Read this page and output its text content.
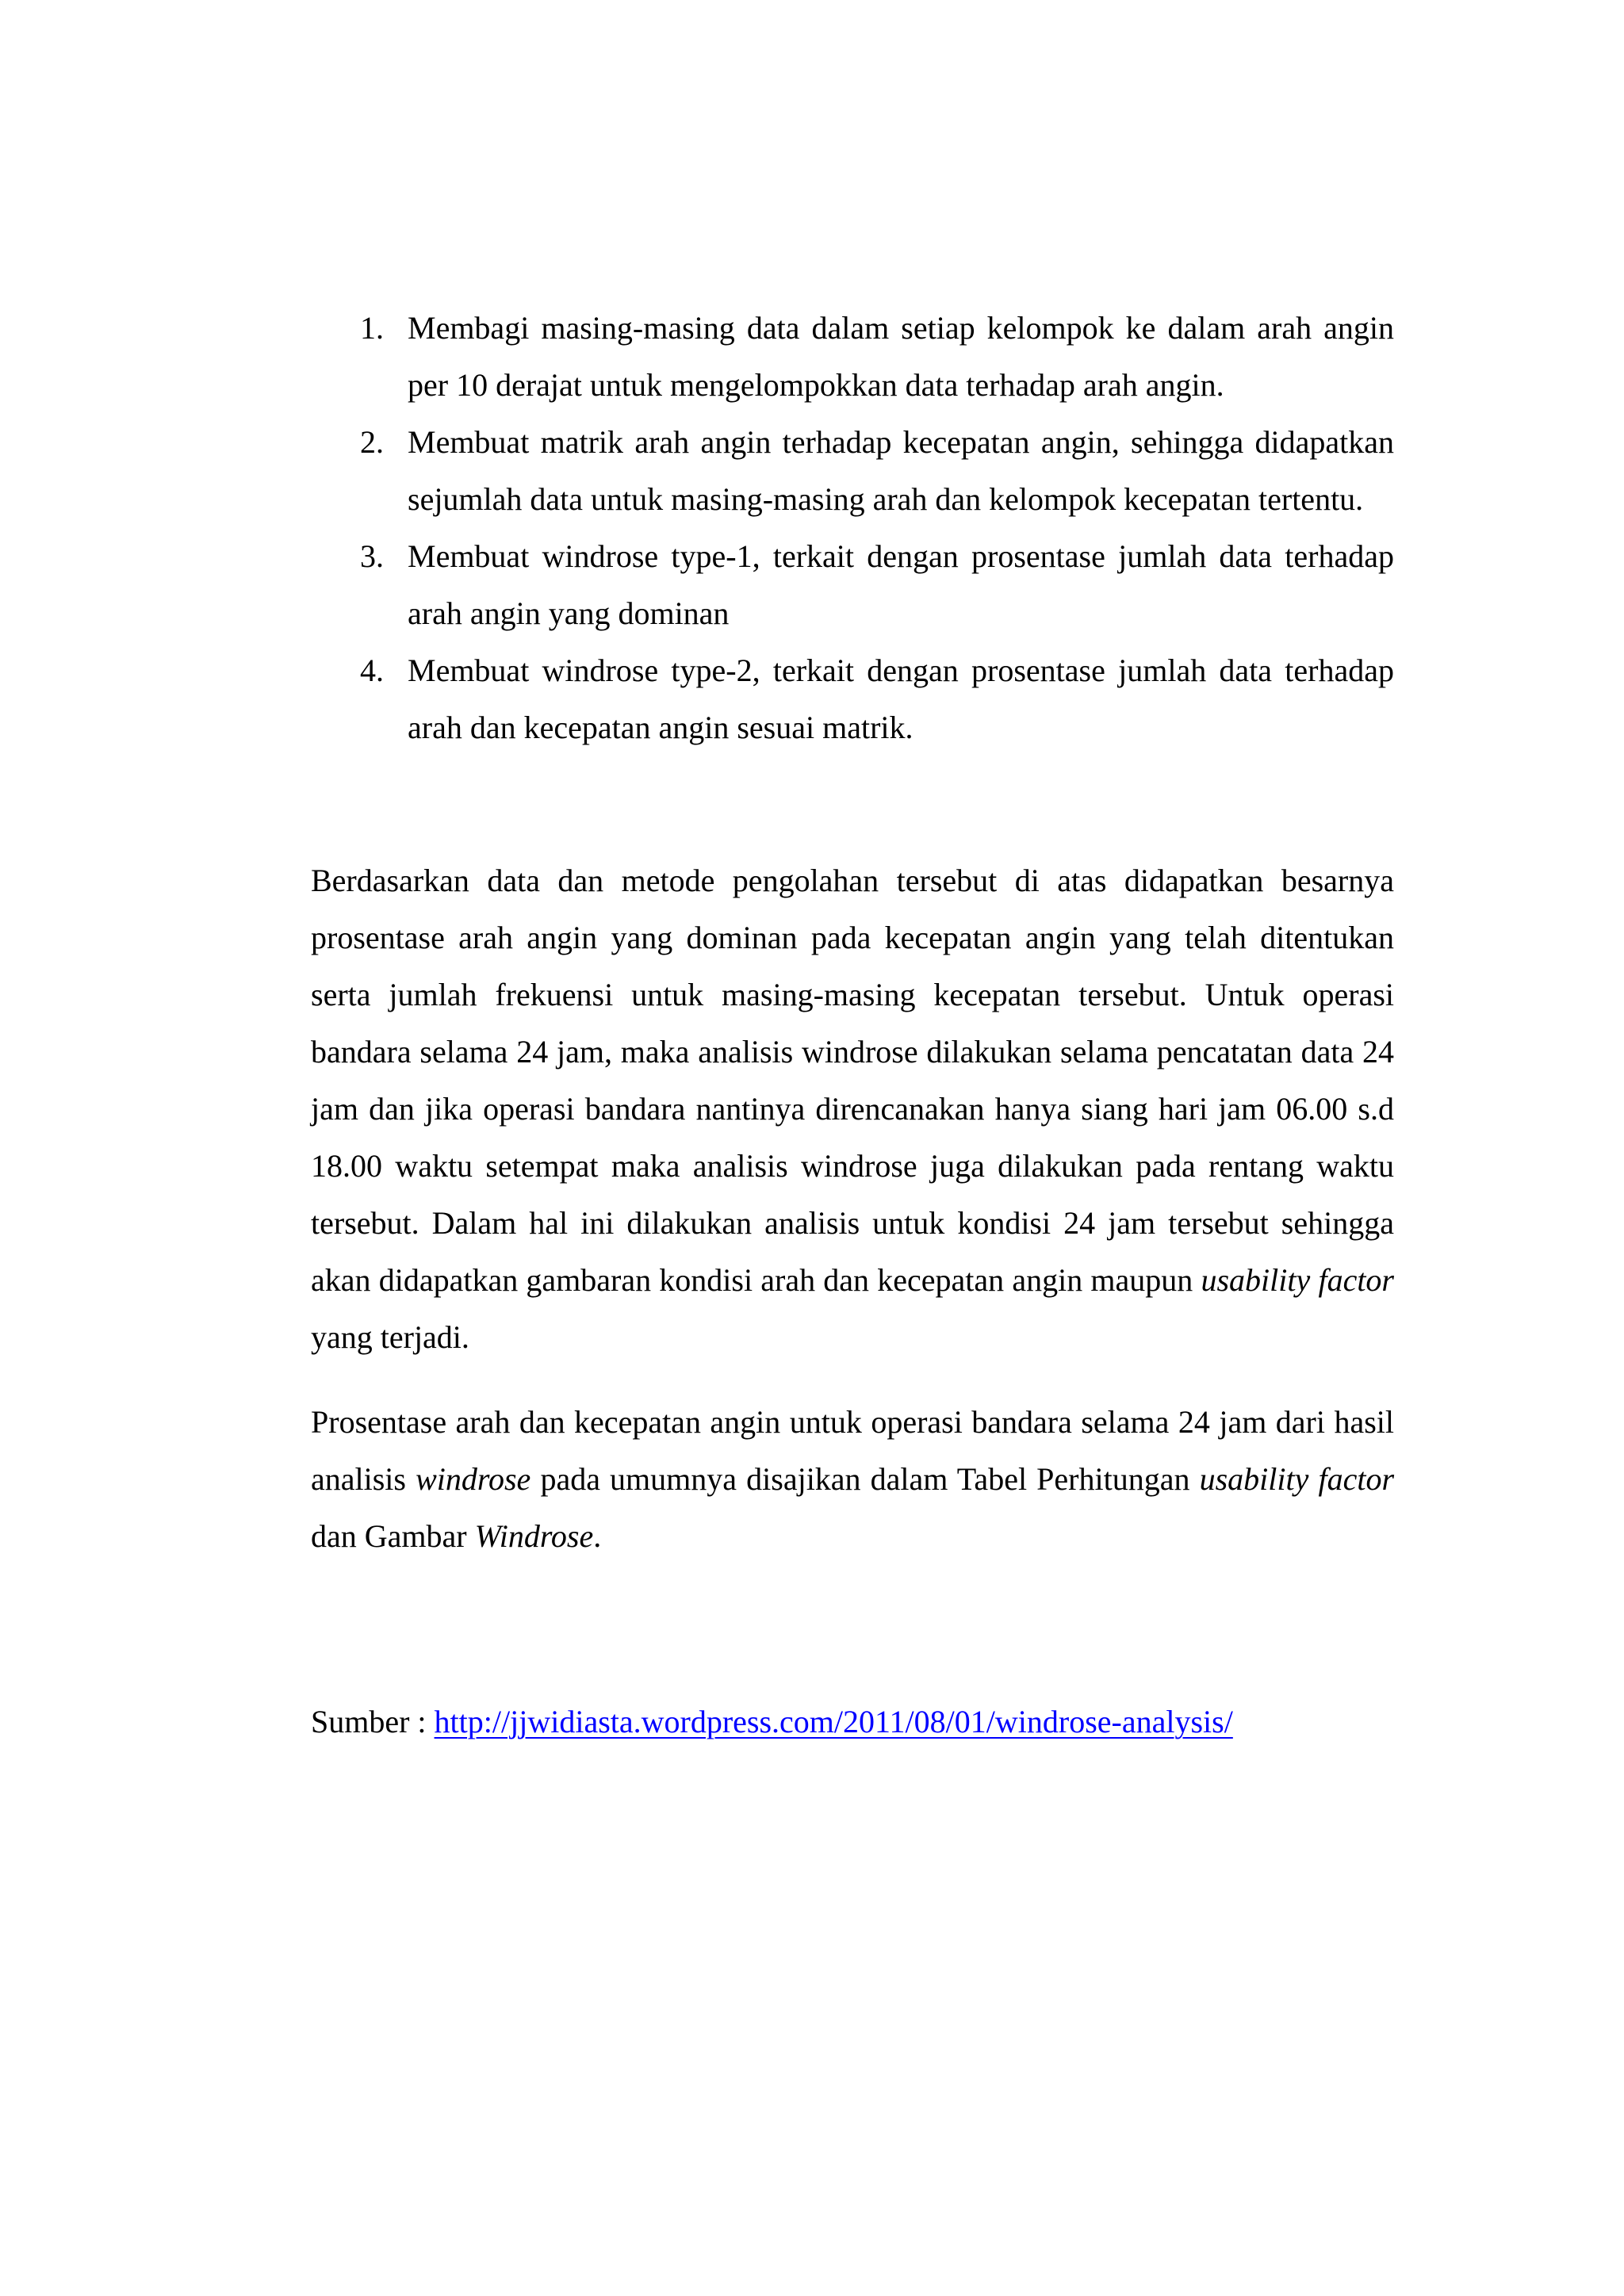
1. Membagi masing-masing data dalam setiap kelompok ke dalam arah angin per 10 derajat untuk mengelompokkan data terhadap arah angin.
2. Membuat matrik arah angin terhadap kecepatan angin, sehingga didapatkan sejumlah data untuk masing-masing arah dan kelompok kecepatan tertentu.
3. Membuat windrose type-1, terkait dengan prosentase jumlah data terhadap arah angin yang dominan
4. Membuat windrose type-2, terkait dengan prosentase jumlah data terhadap arah dan kecepatan angin sesuai matrik.

Berdasarkan data dan metode pengolahan tersebut di atas didapatkan besarnya prosentase arah angin yang dominan pada kecepatan angin yang telah ditentukan serta jumlah frekuensi untuk masing-masing kecepatan tersebut. Untuk operasi bandara selama 24 jam, maka analisis windrose dilakukan selama pencatatan data 24 jam dan jika operasi bandara nantinya direncanakan hanya siang hari jam 06.00 s.d 18.00 waktu setempat maka analisis windrose juga dilakukan pada rentang waktu tersebut. Dalam hal ini dilakukan analisis untuk kondisi 24 jam tersebut sehingga akan didapatkan gambaran kondisi arah dan kecepatan angin maupun usability factor yang terjadi.

Prosentase arah dan kecepatan angin untuk operasi bandara selama 24 jam dari hasil analisis windrose pada umumnya disajikan dalam Tabel Perhitungan usability factor dan Gambar Windrose.

Sumber : http://jjwidiasta.wordpress.com/2011/08/01/windrose-analysis/
